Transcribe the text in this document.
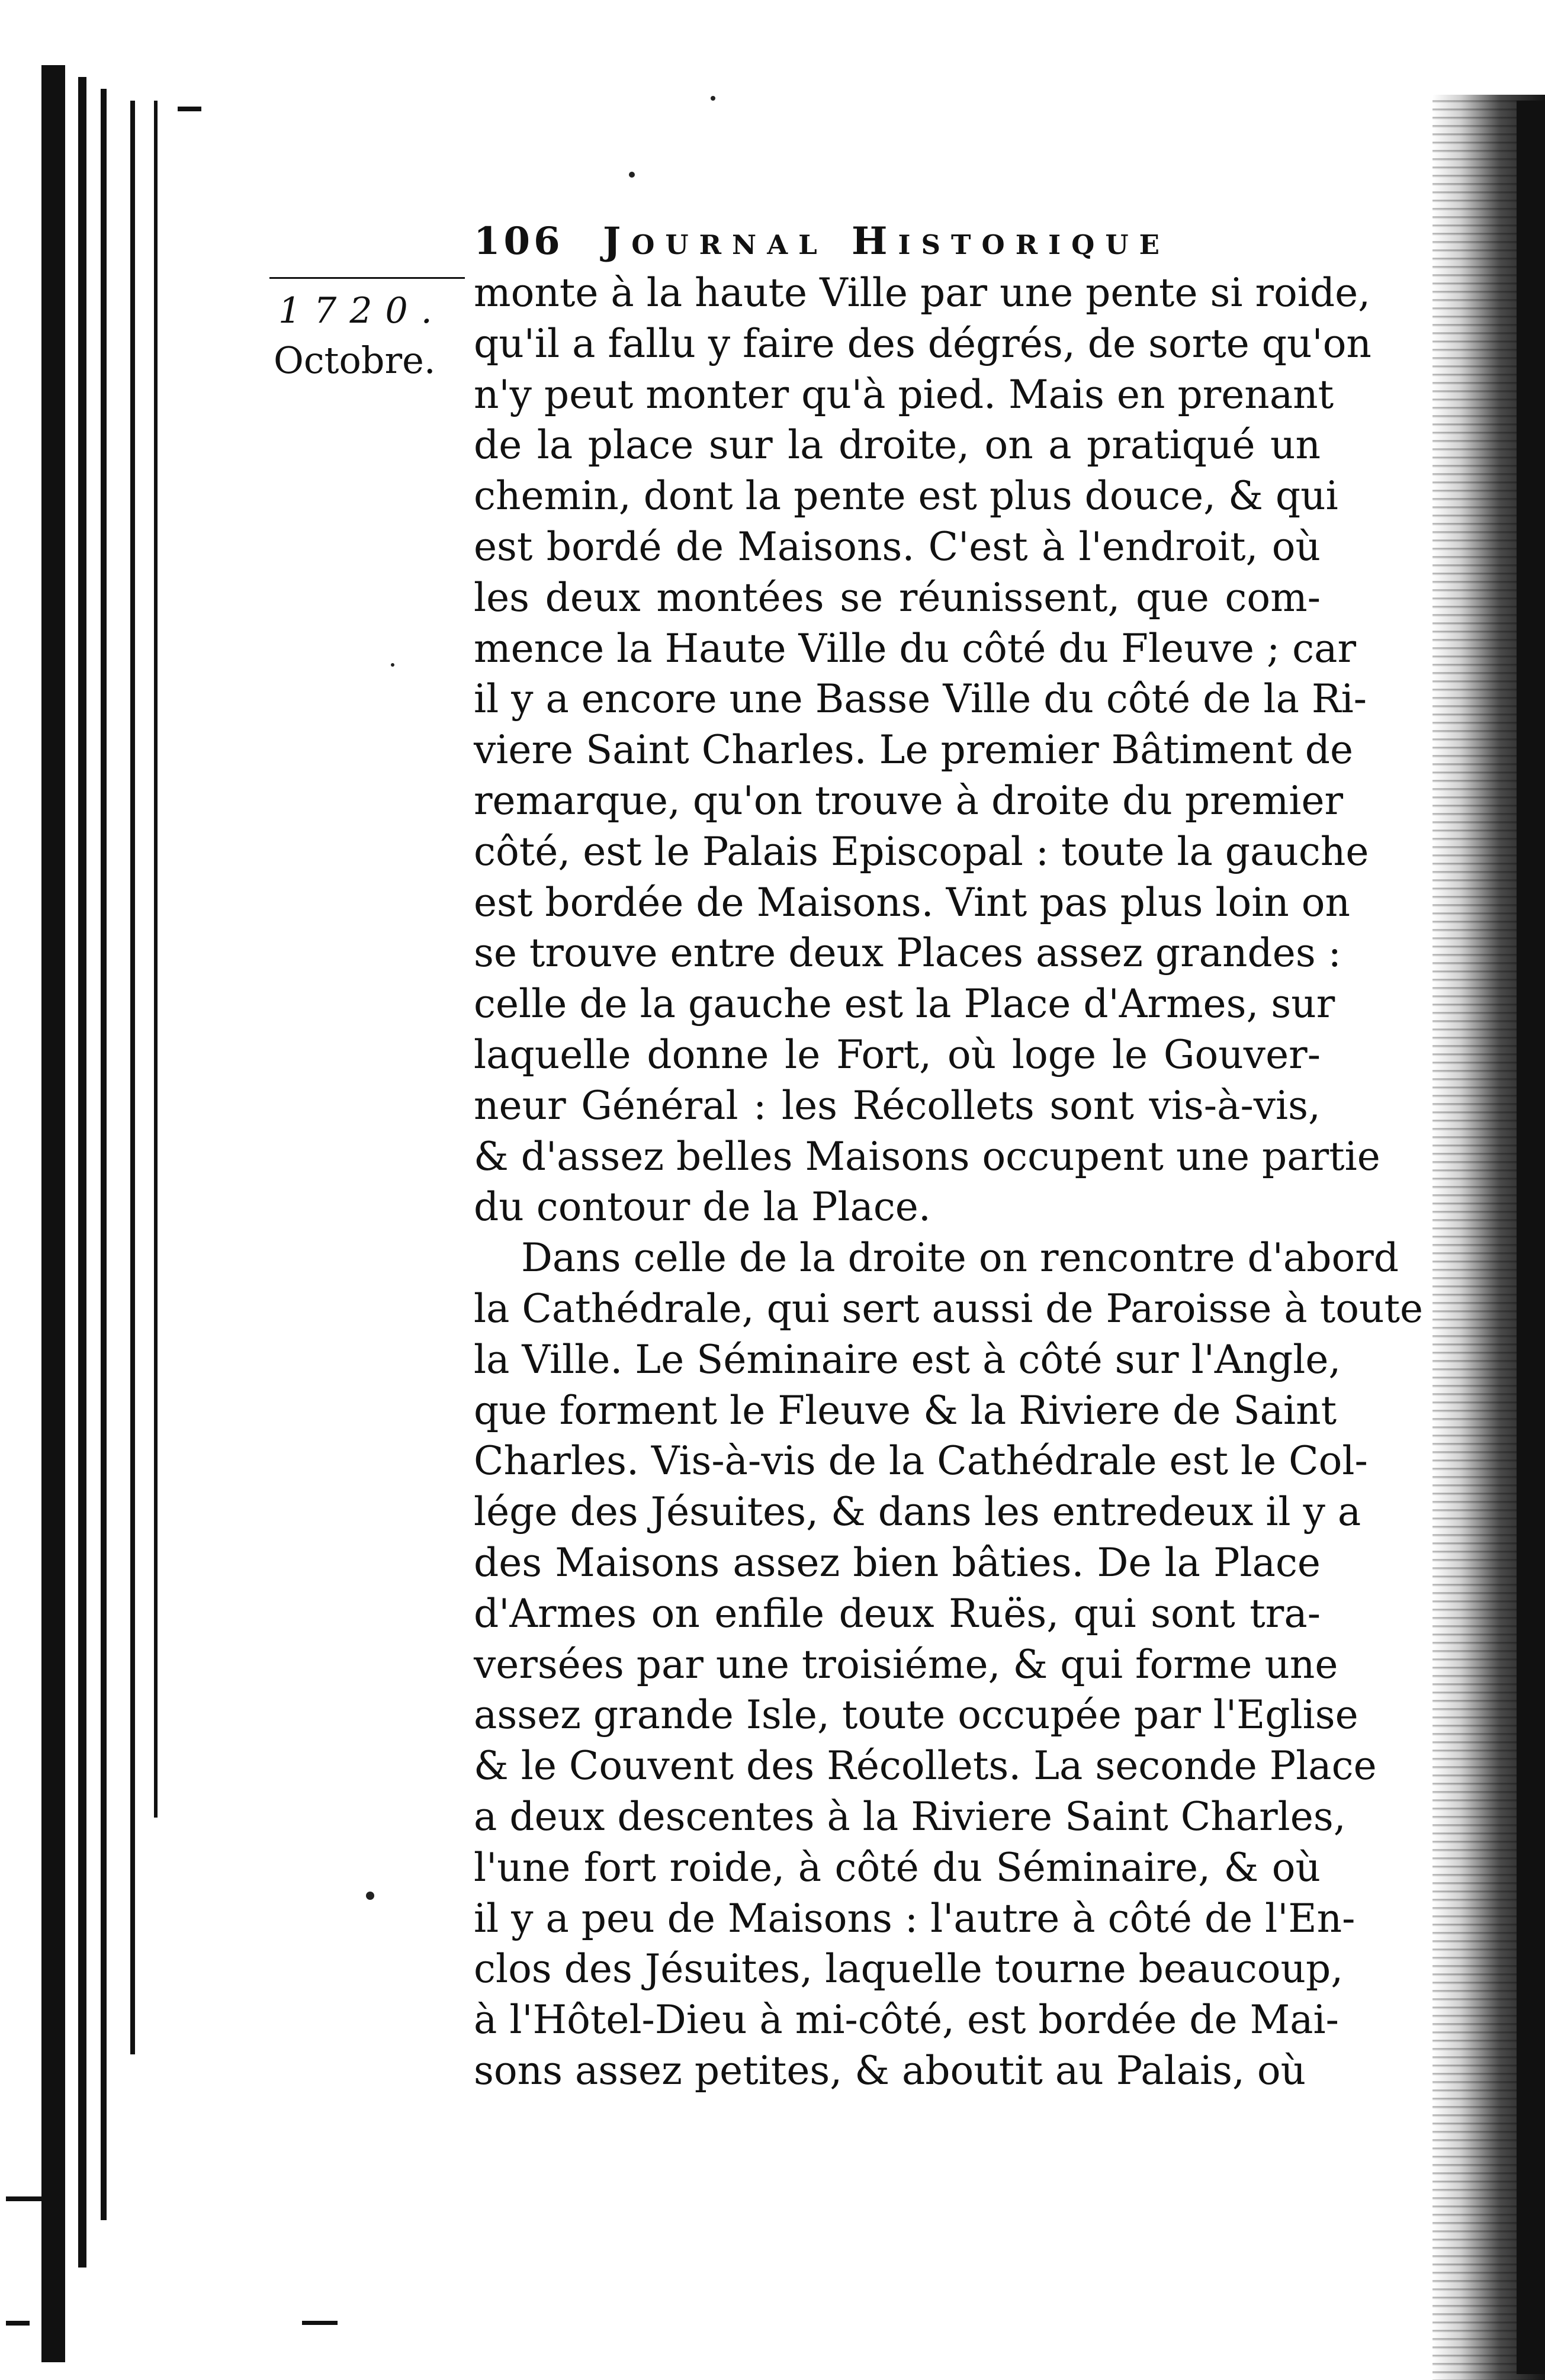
106 Journal Historique
1720.
Octobre.
monte à la haute Ville par une pente si roide,
qu'il a fallu y faire des dégrés, de sorte qu'on
n'y peut monter qu'à pied. Mais en prenant
de la place sur la droite, on a pratiqué un
chemin, dont la pente est plus douce, & qui
est bordé de Maisons. C'est à l'endroit, où
les deux montées se réunissent, que com-
mence la Haute Ville du côté du Fleuve ; car
il y a encore une Basse Ville du côté de la Ri-
viere Saint Charles. Le premier Bâtiment de
remarque, qu'on trouve à droite du premier
côté, est le Palais Episcopal : toute la gauche
est bordée de Maisons. Vint pas plus loin on
se trouve entre deux Places assez grandes :
celle de la gauche est la Place d'Armes, sur
laquelle donne le Fort, où loge le Gouver-
neur Général : les Récollets sont vis-à-vis,
& d'assez belles Maisons occupent une partie
du contour de la Place.
Dans celle de la droite on rencontre d'abord
la Cathédrale, qui sert aussi de Paroisse à toute
la Ville. Le Séminaire est à côté sur l'Angle,
que forment le Fleuve & la Riviere de Saint
Charles. Vis-à-vis de la Cathédrale est le Col-
lége des Jésuites, & dans les entredeux il y a
des Maisons assez bien bâties. De la Place
d'Armes on enfile deux Ruës, qui sont tra-
versées par une troisiéme, & qui forme une
assez grande Isle, toute occupée par l'Eglise
& le Couvent des Récollets. La seconde Place
a deux descentes à la Riviere Saint Charles,
l'une fort roide, à côté du Séminaire, & où
il y a peu de Maisons : l'autre à côté de l'En-
clos des Jésuites, laquelle tourne beaucoup,
à l'Hôtel-Dieu à mi-côté, est bordée de Mai-
sons assez petites, & aboutit au Palais, où
